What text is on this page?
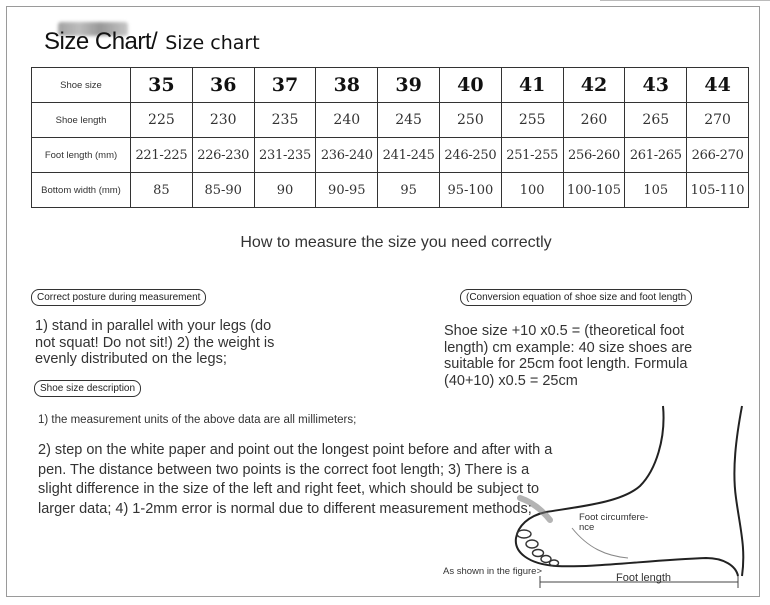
Size Chart/ Size chart
Shoe size	35	36	37	38	39	40	41	42	43	44
Shoe length	225	230	235	240	245	250	255	260	265	270
Foot length (mm)	221-225	226-230	231-235	236-240	241-245	246-250	251-255	256-260	261-265	266-270
Bottom width (mm)	85	85-90	90	90-95	95	95-100	100	100-105	105	105-110
How to measure the size you need correctly
Correct posture during measurement
1) stand in parallel with your legs (do not squat! Do not sit!) 2) the weight is evenly distributed on the legs;
(Conversion equation of shoe size and foot length
Shoe size +10 x0.5 = (theoretical foot length) cm example: 40 size shoes are suitable for 25cm foot length. Formula (40+10) x0.5 = 25cm
Shoe size description
1) the measurement units of the above data are all millimeters;
2) step on the white paper and point out the longest point before and after with a pen. The distance between two points is the correct foot length; 3) There is a slight difference in the size of the left and right feet, which should be subject to larger data; 4) 1-2mm error is normal due to different measurement methods;
Foot circumfere-nce
As shown in the figure>
Foot length
